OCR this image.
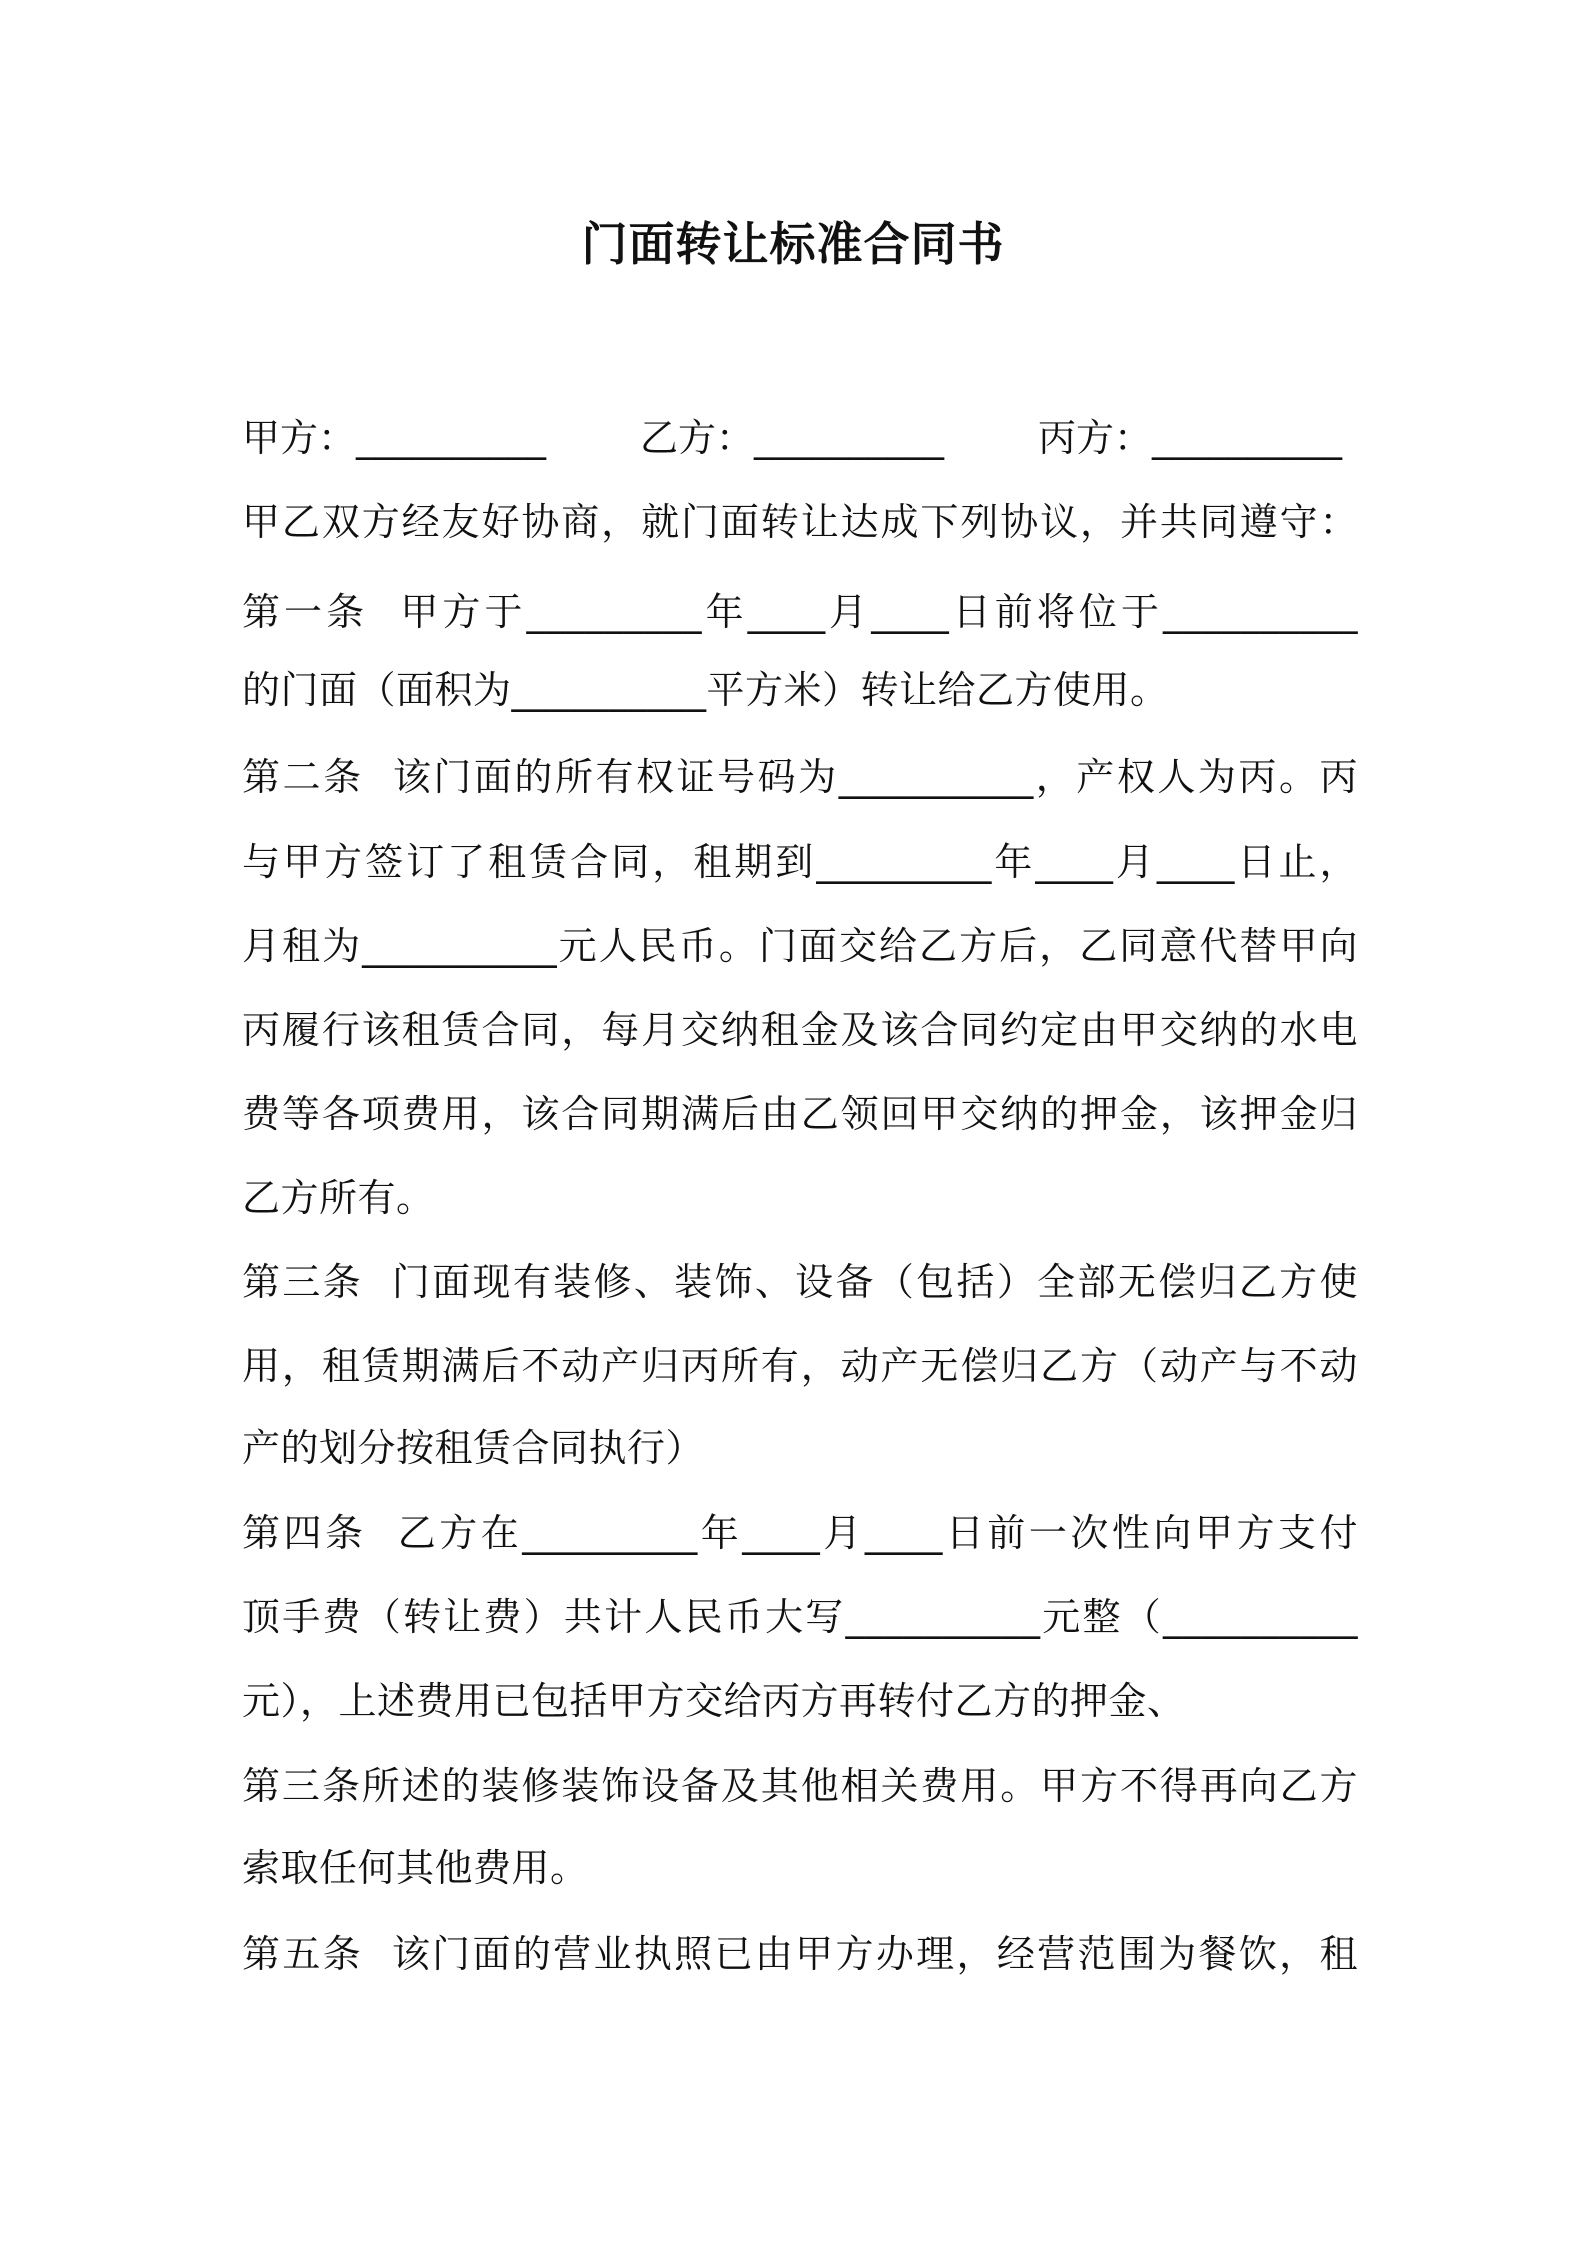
门面转让标准合同书
甲方：__________ 乙方：__________ 丙方：__________
甲乙双方经友好协商，就门面转让达成下列协议，并共同遵守：
第一条  甲方于_________年____月____日前将位于__________
的门面（面积为__________平方米）转让给乙方使用。
第二条  该门面的所有权证号码为__________，产权人为丙。丙
与甲方签订了租赁合同，租期到_________年____月____日止，
月租为__________元人民币。门面交给乙方后，乙同意代替甲向
丙履行该租赁合同，每月交纳租金及该合同约定由甲交纳的水电
费等各项费用，该合同期满后由乙领回甲交纳的押金，该押金归
乙方所有。
第三条  门面现有装修、装饰、设备（包括）全部无偿归乙方使
用，租赁期满后不动产归丙所有，动产无偿归乙方（动产与不动
产的划分按租赁合同执行）
第四条  乙方在_________年____月____日前一次性向甲方支付
顶手费（转让费）共计人民币大写__________元整（__________
元），上述费用已包括甲方交给丙方再转付乙方的押金、
第三条所述的装修装饰设备及其他相关费用。甲方不得再向乙方
索取任何其他费用。
第五条  该门面的营业执照已由甲方办理，经营范围为餐饮，租
